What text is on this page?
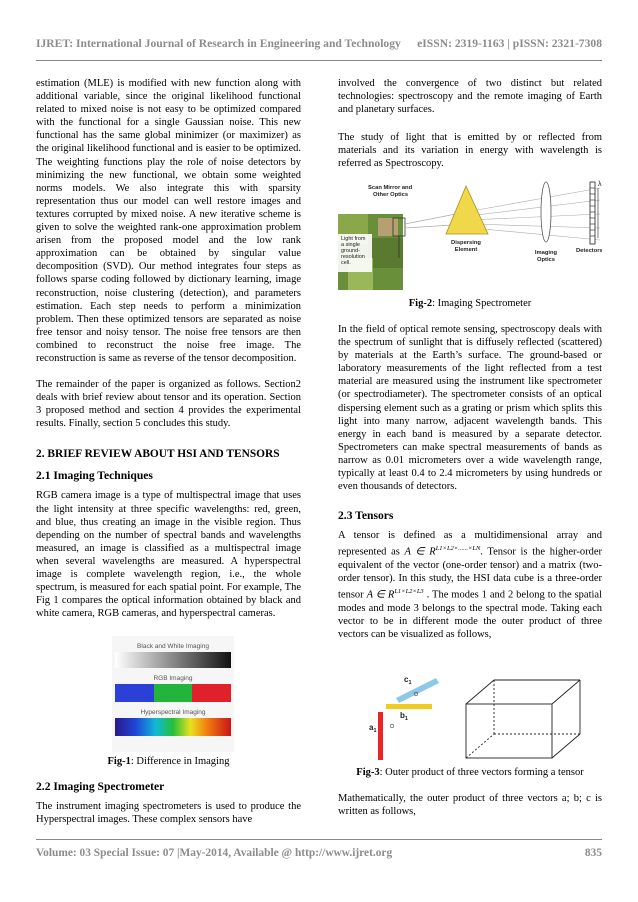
IJRET: International Journal of Research in Engineering and Technology eISSN: 2319-1163 | pISSN: 2321-7308

estimation (MLE) is modified with new function along with additional variable, since the original likelihood functional related to mixed noise is not easy to be optimized compared with the functional for a single Gaussian noise. This new functional has the same global minimizer (or maximizer) as the original likelihood functional and is easier to be optimized. The weighting functions play the role of noise detectors by minimizing the new functional, we obtain some weighted norms models. We also integrate this with sparsity representation thus our model can well restore images and textures corrupted by mixed noise. A new iterative scheme is given to solve the weighted rank-one approximation problem arisen from the proposed model and the low rank approximation can be obtained by singular value decomposition (SVD). Our method integrates four steps as follows sparse coding followed by dictionary learning, image reconstruction, noise clustering (detection), and parameters estimation. Each step needs to perform a minimization problem. Then these optimized tensors are separated as noise free tensor and noisy tensor. The noise free tensors are then combined to reconstruct the noise free image. The reconstruction is same as reverse of the tensor decomposition.

The remainder of the paper is organized as follows. Section2 deals with brief review about tensor and its operation. Section 3 proposed method and section 4 provides the experimental results. Finally, section 5 concludes this study.

2. BRIEF REVIEW ABOUT HSI AND TENSORS
2.1 Imaging Techniques

RGB camera image is a type of multispectral image that uses the light intensity at three specific wavelengths: red, green, and blue, thus creating an image in the visible region. Thus depending on the number of spectral bands and wavelengths measured, an image is classified as a multispectral image when several wavelengths are measured. A hyperspectral image is complete wavelength region, i.e., the whole spectrum, is measured for each spatial point. For example, The Fig 1 compares the optical information obtained by black and white camera, RGB cameras, and hyperspectral cameras.

Black and White Imaging
RGB Imaging
Hyperspectral Imaging

Fig-1: Difference in Imaging

2.2 Imaging Spectrometer

The instrument imaging spectrometers is used to produce the Hyperspectral images. These complex sensors have

involved the convergence of two distinct but related technologies: spectroscopy and the remote imaging of Earth and planetary surfaces.

The study of light that is emitted by or reflected from materials and its variation in energy with wavelength is referred as Spectroscopy.

Light from
a single
ground-
resolution
cell.
Scan Mirror and
Other Optics
Dispersing
Element	Imaging
Optics
λ
Detectors

Fig-2: Imaging Spectrometer

In the field of optical remote sensing, spectroscopy deals with the spectrum of sunlight that is diffusely reflected (scattered) by materials at the Earth’s surface. The ground-based or laboratory measurements of the light reflected from a test material are measured using the instrument like spectrometer (or spectrodiameter). The spectrometer consists of an optical dispersing element such as a grating or prism which splits this light into many narrow, adjacent wavelength bands. This energy in each band is measured by a separate detector. Spectrometers can make spectral measurements of bands as narrow as 0.01 micrometers over a wide wavelength range, typically at least 0.4 to 2.4 micrometers by using hundreds or even thousands of detectors.

2.3 Tensors

A tensor is defined as a multidimensional array and represented as A ∈ $R^{L1\times L2\times......\times LN}$. Tensor is the higher-order equivalent of the vector (one-order tensor) and a matrix (two-order tensor). In this study, the HSI data cube is a three-order tensor A ∈ $R^{L1\times L2\times L3}$ . The modes 1 and 2 belong to the spatial modes and mode 3 belongs to the spectral mode. Taking each vector to be in different mode the outer product of three vectors can be visualized as follows,

$a_1$
$b_1$
$c_1$

Fig-3: Outer product of three vectors forming a tensor

Mathematically, the outer product of three vectors a; b; c is written as follows,

Volume: 03 Special Issue: 07 |May-2014, Available @ http://www.ijret.org	835
